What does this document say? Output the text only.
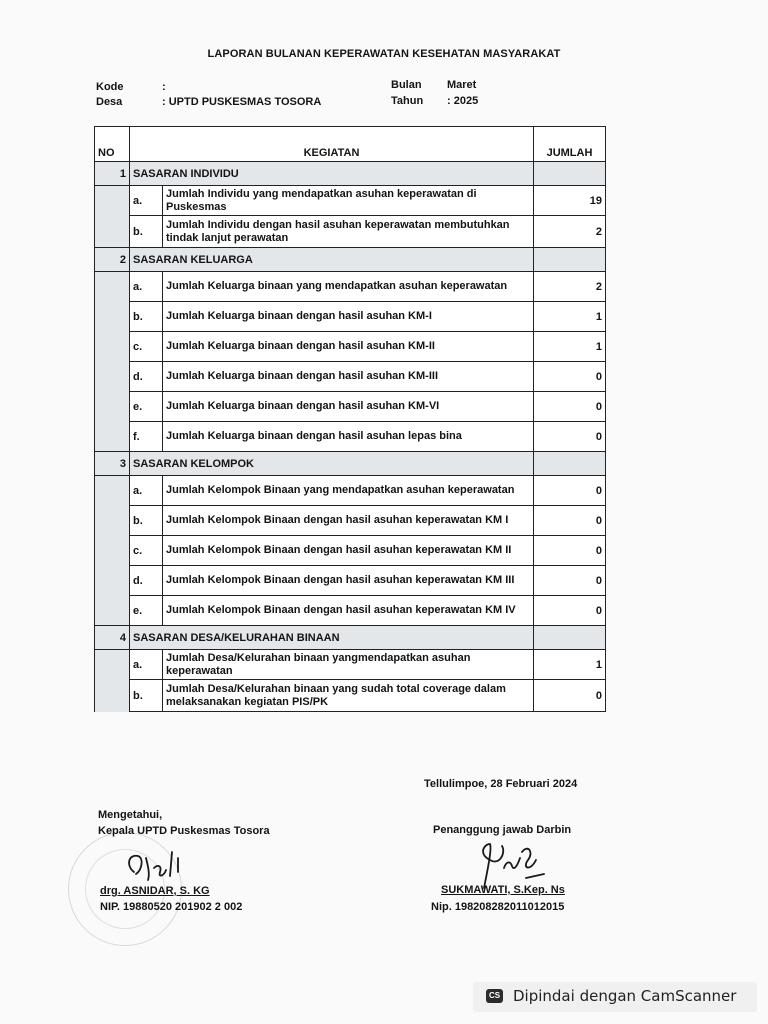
LAPORAN BULANAN KEPERAWATAN KESEHATAN MASYARAKAT
Kode	:
Desa	: UPTD PUSKESMAS TOSORA
Bulan Maret
Tahun : 2025
NO	KEGIATAN		JUMLAH
1	SASARAN INDIVIDU		
	a.	Jumlah Individu yang mendapatkan asuhan keperawatan di Puskesmas	19
	b.	Jumlah Individu dengan hasil asuhan keperawatan membutuhkan tindak lanjut perawatan	2
2	SASARAN KELUARGA		
	a.	Jumlah Keluarga binaan yang mendapatkan asuhan keperawatan	2
	b.	Jumlah Keluarga binaan dengan hasil asuhan KM-I	1
	c.	Jumlah Keluarga binaan dengan hasil asuhan KM-II	1
	d.	Jumlah Keluarga binaan dengan hasil asuhan KM-III	0
	e.	Jumlah Keluarga binaan dengan hasil asuhan KM-VI	0
	f.	Jumlah Keluarga binaan dengan hasil asuhan lepas bina	0
3	SASARAN KELOMPOK		
	a.	Jumlah Kelompok Binaan yang mendapatkan asuhan keperawatan	0
	b.	Jumlah Kelompok Binaan dengan hasil asuhan keperawatan KM I	0
	c.	Jumlah Kelompok Binaan dengan hasil asuhan keperawatan KM II	0
	d.	Jumlah Kelompok Binaan dengan hasil asuhan keperawatan KM III	0
	e.	Jumlah Kelompok Binaan dengan hasil asuhan keperawatan KM IV	0
4	SASARAN DESA/KELURAHAN BINAAN		
	a.	Jumlah Desa/Kelurahan binaan yangmendapatkan asuhan keperawatan	1
	b.	Jumlah Desa/Kelurahan binaan yang sudah total coverage dalam melaksanakan kegiatan PIS/PK	0
Tellulimpoe, 28 Februari 2024
Mengetahui,
Kepala UPTD Puskesmas Tosora
drg. ASNIDAR, S. KG
NIP. 19880520 201902 2 002
Penanggung jawab Darbin
SUKMAWATI, S.Kep. Ns
Nip. 198208282011012015
CS Dipindai dengan CamScanner
